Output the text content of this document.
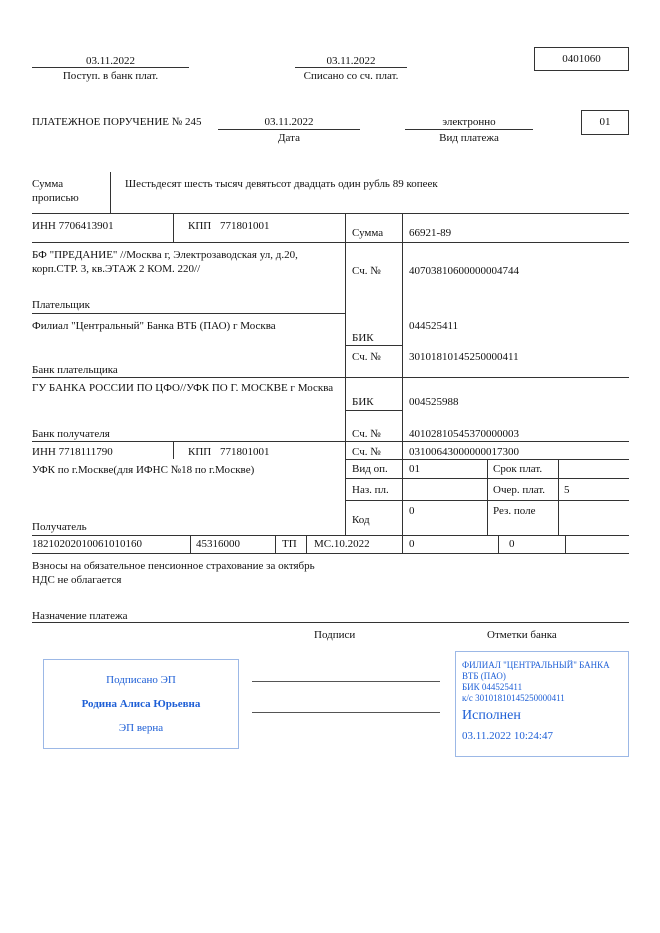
03.11.2022
Поступ. в банк плат.
03.11.2022
Списано со сч. плат.
0401060
ПЛАТЕЖНОЕ ПОРУЧЕНИЕ № 245	03.11.2022
Дата
электронно
Вид платежа
01
Сумма
прописью
Шестьдесят шесть тысяч девятьсот двадцать один рубль 89 копеек
ИНН 7706413901	КПП 771801001
Сумма 66921-89
БФ "ПРЕДАНИЕ" //Москва г, Электрозаводская ул, д.20,
корп.СТР. 3, кв.ЭТАЖ 2 КОМ. 220//	Сч. №	40703810600000004744
Плательщик
Филиал "Центральный" Банка ВТБ (ПАО) г Москва	044525411
БИК
Сч. №	30101810145250000411
Банк плательщика
ГУ БАНКА РОССИИ ПО ЦФО//УФК ПО Г. МОСКВЕ г Москва
БИК	004525988
Банк получателя	Сч. №	40102810545370000003
ИНН 7718111790	КПП 771801001	Сч. №	03100643000000017300
УФК по г.Москве(для ИФНС №18 по г.Москве)	Вид оп. 01	Срок плат.
Наз. пл.	Очер. плат. 5
0	Рез. поле
Код
Получатель
18210202010061010160	45316000	ТП МС.10.2022	0	0
Взносы на обязательное пенсионное страхование за октябрь
НДС не облагается
Назначение платежа
Подписи	Отметки банка
Подписано ЭП
Родина Алиса Юрьевна
ЭП верна
ФИЛИАЛ "ЦЕНТРАЛЬНЫЙ" БАНКА
ВТБ (ПАО)
БИК 044525411
к/с 30101810145250000411
Исполнен
03.11.2022 10:24:47
